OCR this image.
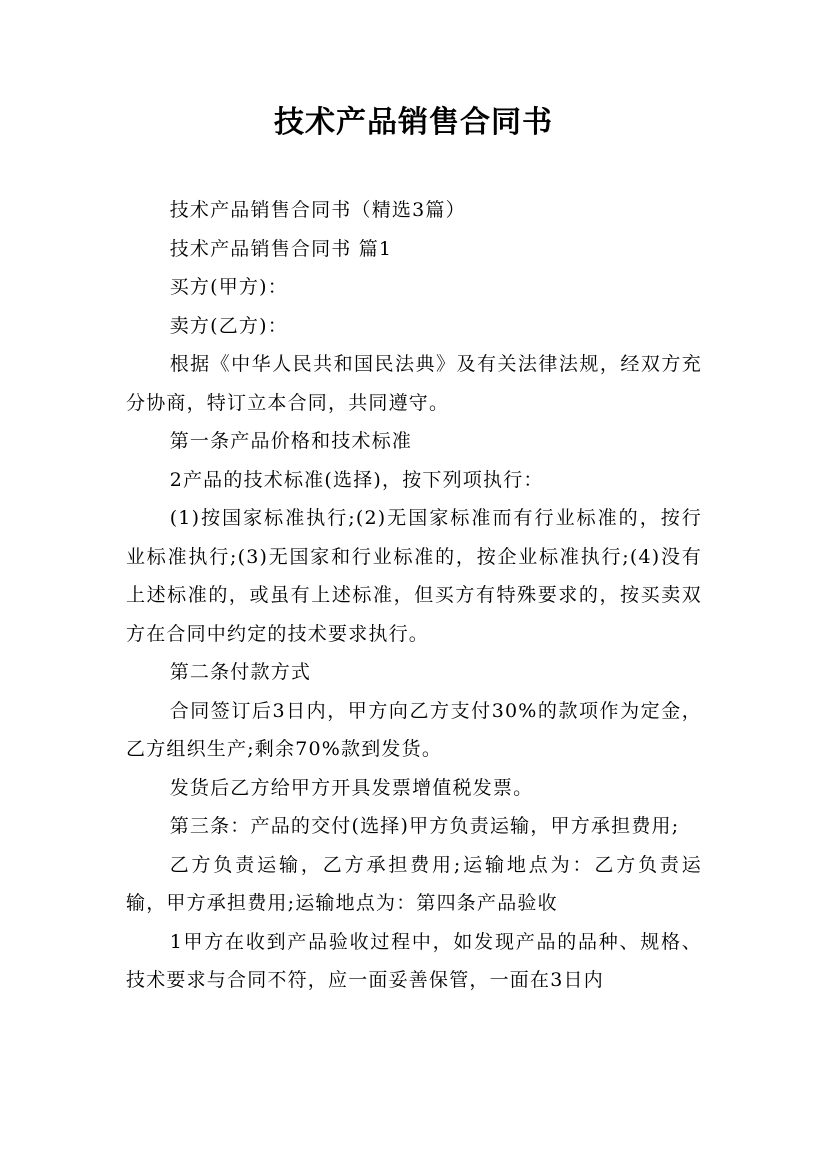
技术产品销售合同书

技术产品销售合同书（精选3篇）

技术产品销售合同书 篇1

买方(甲方)：

卖方(乙方)：

根据《中华人民共和国民法典》及有关法律法规，经双方充分协商，特订立本合同，共同遵守。

第一条产品价格和技术标准

2产品的技术标准(选择)，按下列项执行：

(1)按国家标准执行;(2)无国家标准而有行业标准的，按行业标准执行;(3)无国家和行业标准的，按企业标准执行;(4)没有上述标准的，或虽有上述标准，但买方有特殊要求的，按买卖双方在合同中约定的技术要求执行。

第二条付款方式

合同签订后3日内，甲方向乙方支付30%的款项作为定金，乙方组织生产;剩余70%款到发货。

发货后乙方给甲方开具发票增值税发票。

第三条：产品的交付(选择)甲方负责运输，甲方承担费用;

乙方负责运输，乙方承担费用;运输地点为：乙方负责运输，甲方承担费用;运输地点为：第四条产品验收

1甲方在收到产品验收过程中，如发现产品的品种、规格、技术要求与合同不符，应一面妥善保管，一面在3日内
